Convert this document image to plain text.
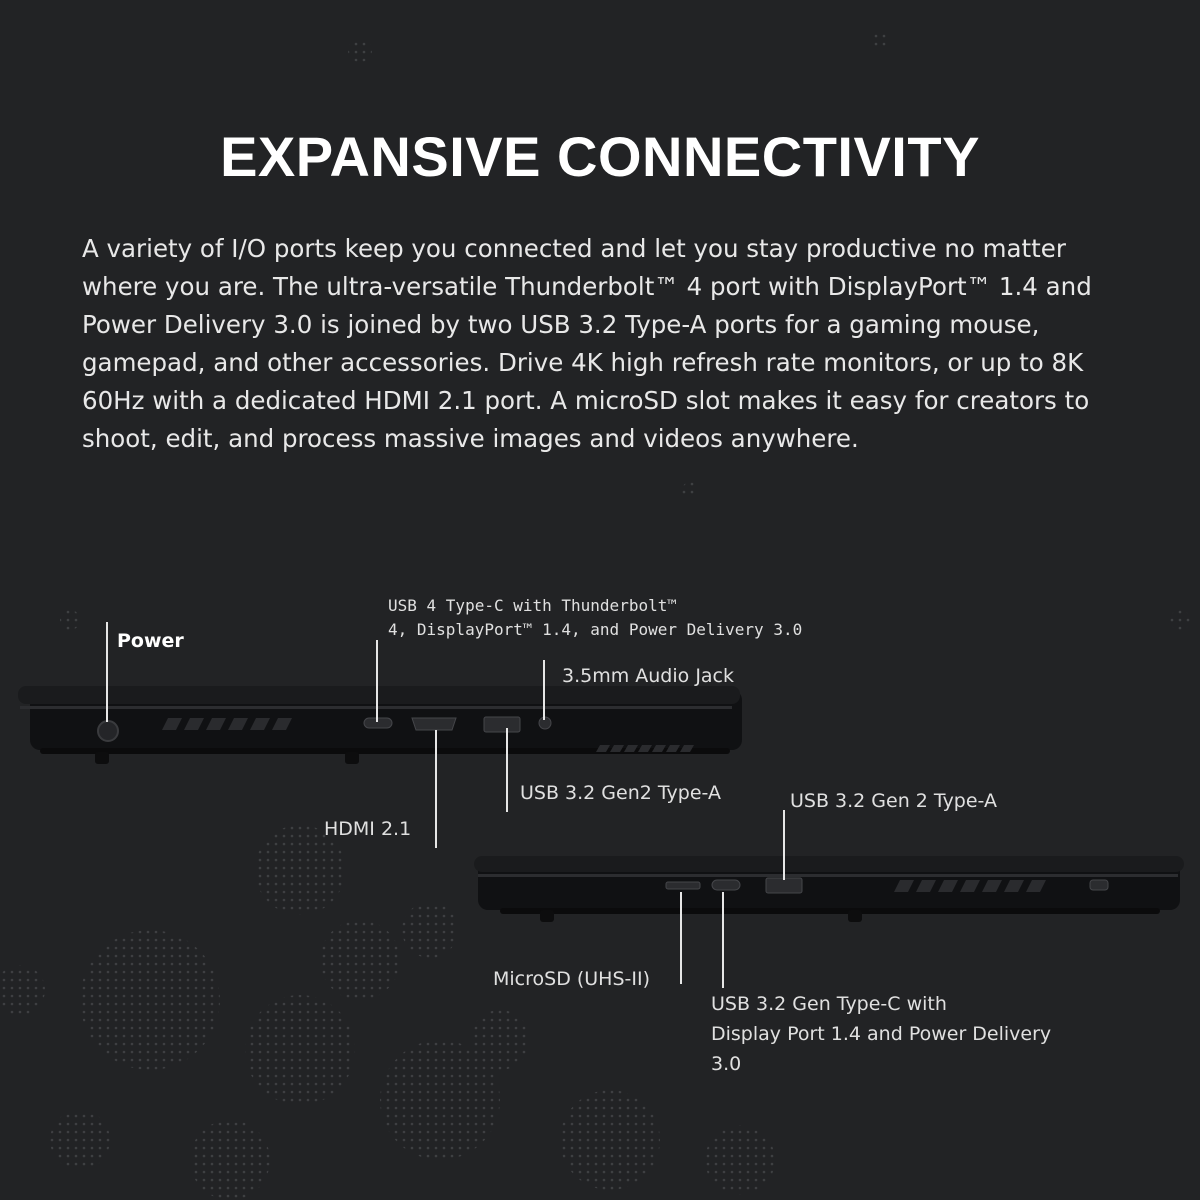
EXPANSIVE CONNECTIVITY

A variety of I/O ports keep you connected and let you stay productive no matter where you are. The ultra-versatile Thunderbolt™ 4 port with DisplayPort™ 1.4 and Power Delivery 3.0 is joined by two USB 3.2 Type-A ports for a gaming mouse, gamepad, and other accessories. Drive 4K high refresh rate monitors, or up to 8K 60Hz with a dedicated HDMI 2.1 port. A microSD slot makes it easy for creators to shoot, edit, and process massive images and videos anywhere.

Power
USB 4 Type-C with Thunderbolt™
4, DisplayPort™ 1.4, and Power Delivery 3.0
3.5mm Audio Jack
HDMI 2.1
USB 3.2 Gen2 Type-A	USB 3.2 Gen 2 Type-A
MicroSD (UHS-II)
USB 3.2 Gen Type-C with
Display Port 1.4 and Power Delivery
3.0
